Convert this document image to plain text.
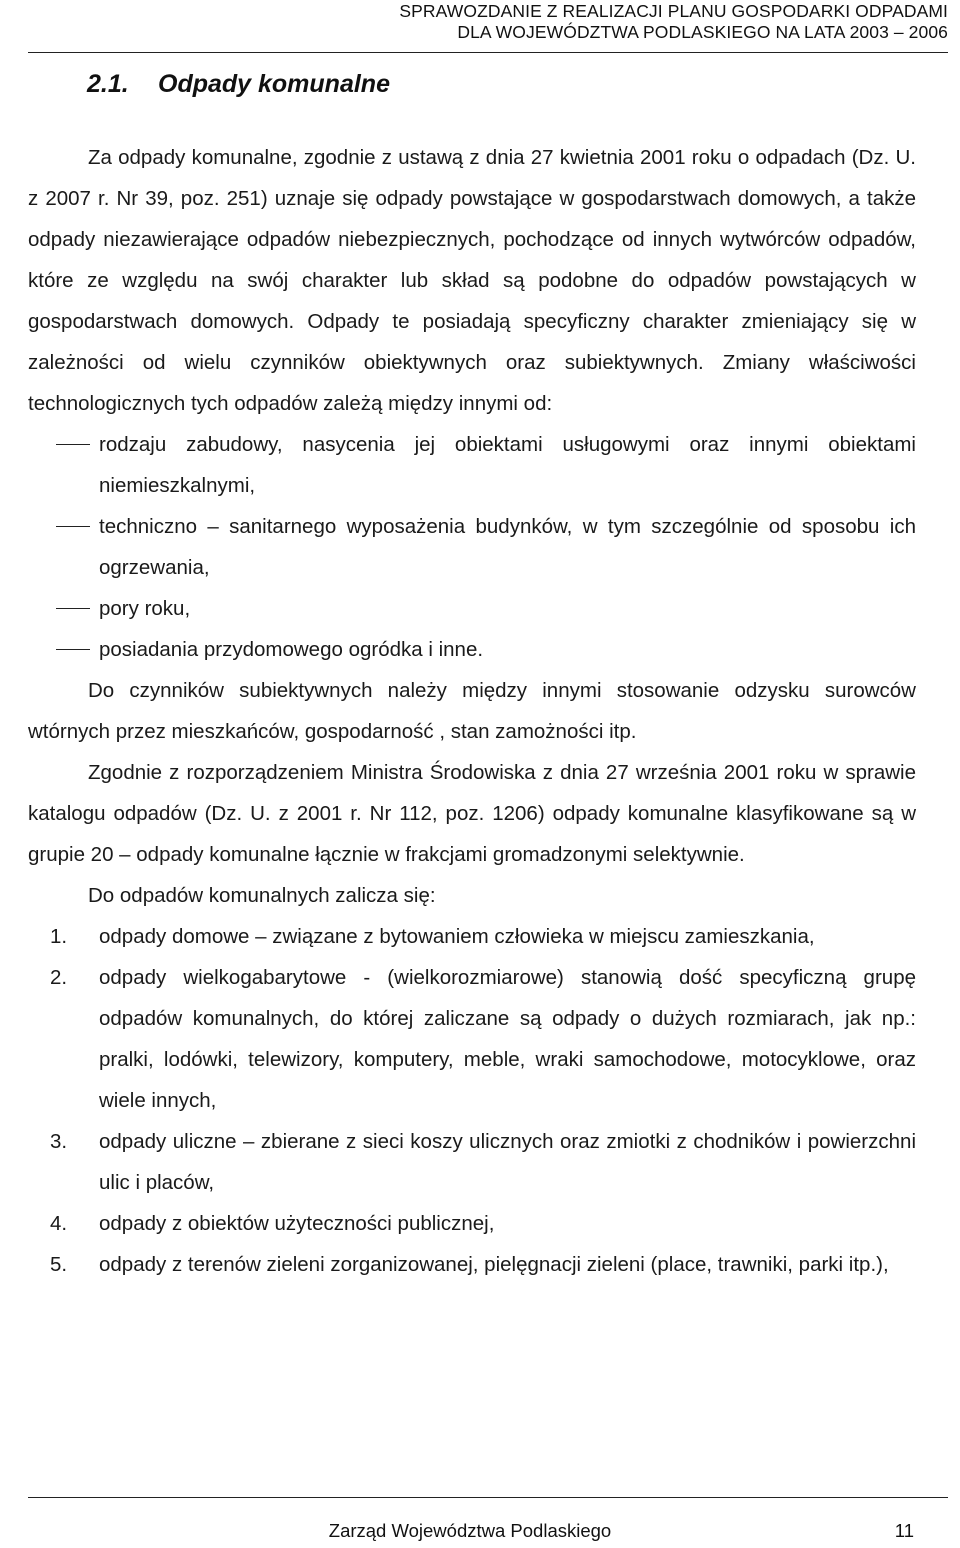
SPRAWOZDANIE Z REALIZACJI PLANU GOSPODARKI ODPADAMI
DLA WOJEWÓDZTWA PODLASKIEGO NA LATA 2003 – 2006
2.1. Odpady komunalne

Za odpady komunalne, zgodnie z ustawą z dnia 27 kwietnia 2001 roku o odpadach (Dz. U. z 2007 r. Nr 39, poz. 251) uznaje się odpady powstające w gospodarstwach domowych, a także odpady niezawierające odpadów niebezpiecznych, pochodzące od innych wytwórców odpadów, które ze względu na swój charakter lub skład są podobne do odpadów powstających w gospodarstwach domowych. Odpady te posiadają specyficzny charakter zmieniający się w zależności od wielu czynników obiektywnych oraz subiektywnych. Zmiany właściwości technologicznych tych odpadów zależą między innymi od:

rodzaju zabudowy, nasycenia jej obiektami usługowymi oraz innymi obiektami niemieszkalnymi,
techniczno – sanitarnego wyposażenia budynków, w tym szczególnie od sposobu ich ogrzewania,
pory roku,
posiadania przydomowego ogródka i inne.

Do czynników subiektywnych należy między innymi stosowanie odzysku surowców wtórnych przez mieszkańców, gospodarność , stan zamożności itp.

Zgodnie z rozporządzeniem Ministra Środowiska z dnia 27 września 2001 roku w sprawie katalogu odpadów (Dz. U. z 2001 r. Nr 112, poz. 1206) odpady komunalne klasyfikowane są w grupie 20 – odpady komunalne łącznie w frakcjami gromadzonymi selektywnie.

Do odpadów komunalnych zalicza się:

1.	odpady domowe – związane z bytowaniem człowieka w miejscu zamieszkania,
2.	odpady wielkogabarytowe - (wielkorozmiarowe) stanowią dość specyficzną grupę odpadów komunalnych, do której zaliczane są odpady o dużych rozmiarach, jak np.: pralki, lodówki, telewizory, komputery, meble, wraki samochodowe, motocyklowe, oraz wiele innych,
3.	odpady uliczne – zbierane z sieci koszy ulicznych oraz zmiotki z chodników i powierzchni ulic i placów,
4.	odpady z obiektów użyteczności publicznej,
5.	odpady z terenów zieleni zorganizowanej, pielęgnacji zieleni (place, trawniki, parki itp.),
Zarząd Województwa Podlaskiego	11
